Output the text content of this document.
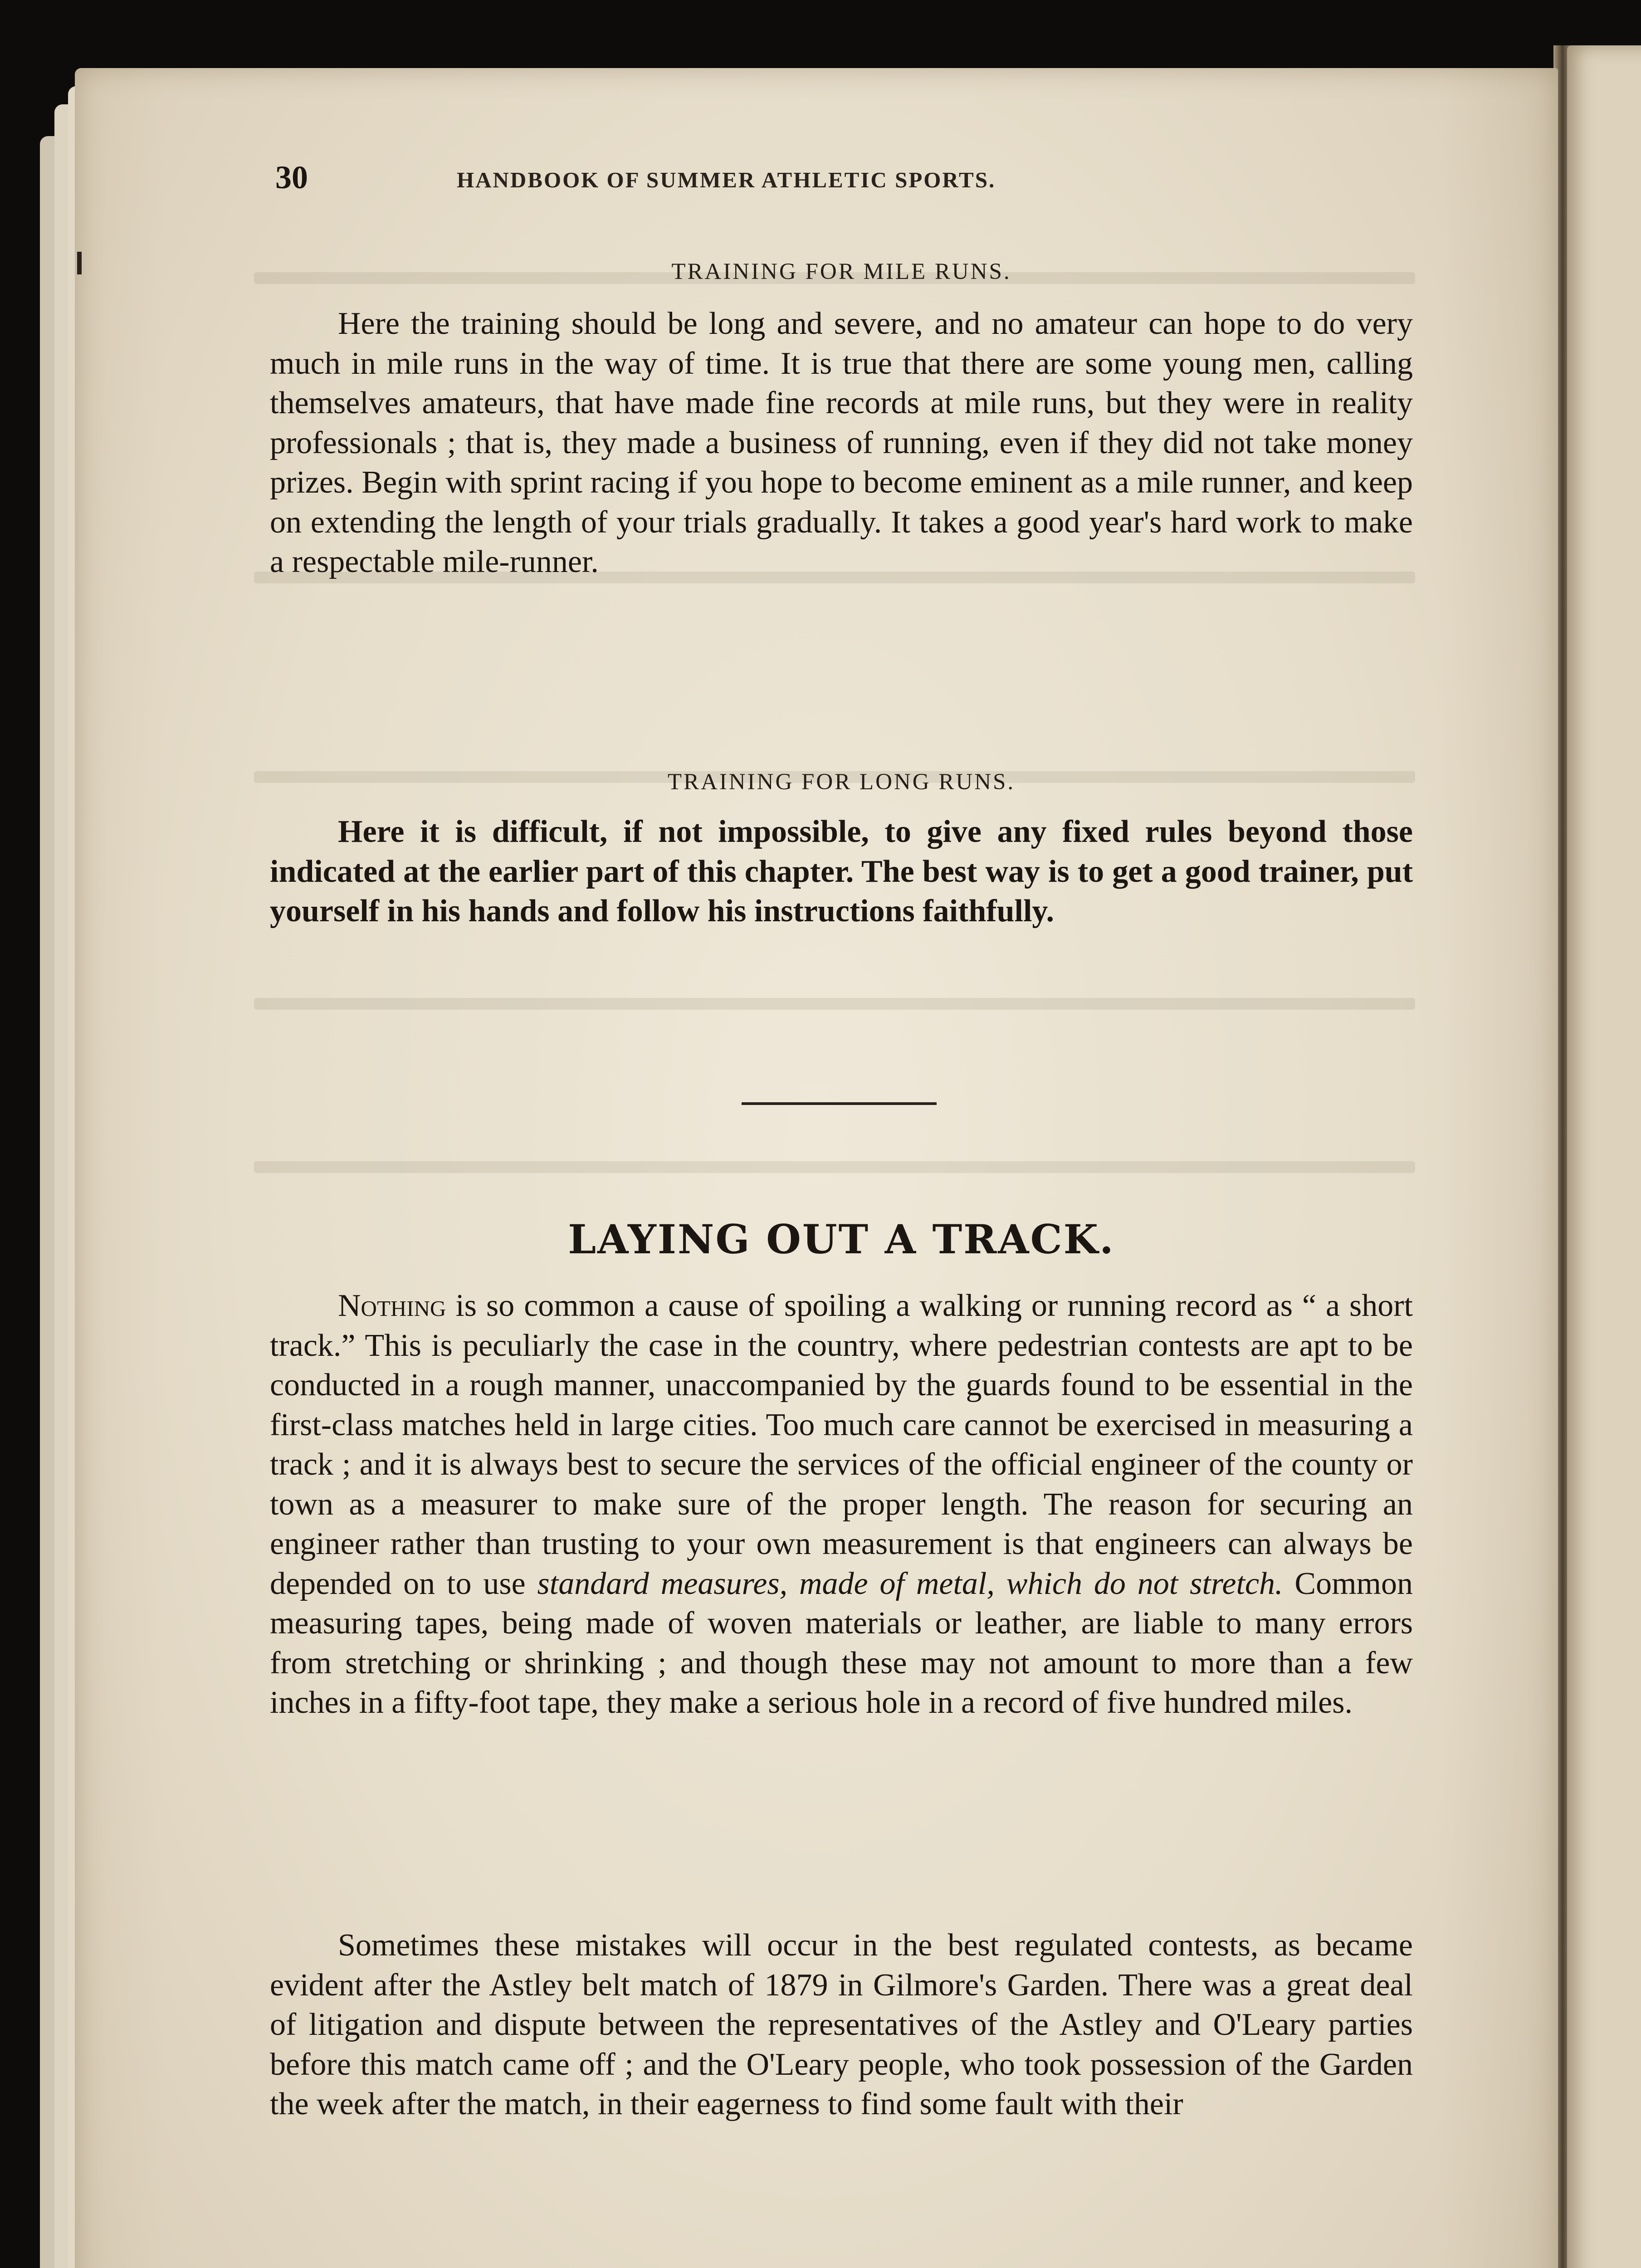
30	HANDBOOK OF SUMMER ATHLETIC SPORTS.
TRAINING FOR MILE RUNS.
Here the training should be long and severe, and no amateur can hope to do very much in mile runs in the way of time. It is true that there are some young men, calling themselves amateurs, that have made fine records at mile runs, but they were in reality professionals ; that is, they made a business of running, even if they did not take money prizes. Begin with sprint racing if you hope to become eminent as a mile runner, and keep on extending the length of your trials gradually. It takes a good year's hard work to make a respectable mile-runner.
TRAINING FOR LONG RUNS.
Here it is difficult, if not impossible, to give any fixed rules beyond those indicated at the earlier part of this chapter. The best way is to get a good trainer, put yourself in his hands and follow his instructions faithfully.
LAYING OUT A TRACK.
Nothing is so common a cause of spoiling a walking or running record as “ a short track.” This is peculiarly the case in the country, where pedestrian contests are apt to be conducted in a rough manner, unaccompanied by the guards found to be essential in the first-class matches held in large cities. Too much care cannot be exercised in measuring a track ; and it is always best to secure the services of the official engineer of the county or town as a measurer to make sure of the proper length. The reason for securing an engineer rather than trusting to your own measurement is that engineers can always be depended on to use standard measures, made of metal, which do not stretch. Common measuring tapes, being made of woven materials or leather, are liable to many errors from stretching or shrinking ; and though these may not amount to more than a few inches in a fifty-foot tape, they make a serious hole in a record of five hundred miles.
Sometimes these mistakes will occur in the best regulated contests, as became evident after the Astley belt match of 1879 in Gilmore's Garden. There was a great deal of litigation and dispute between the representatives of the Astley and O'Leary parties before this match came off ; and the O'Leary people, who took possession of the Garden the week after the match, in their eagerness to find some fault with their
